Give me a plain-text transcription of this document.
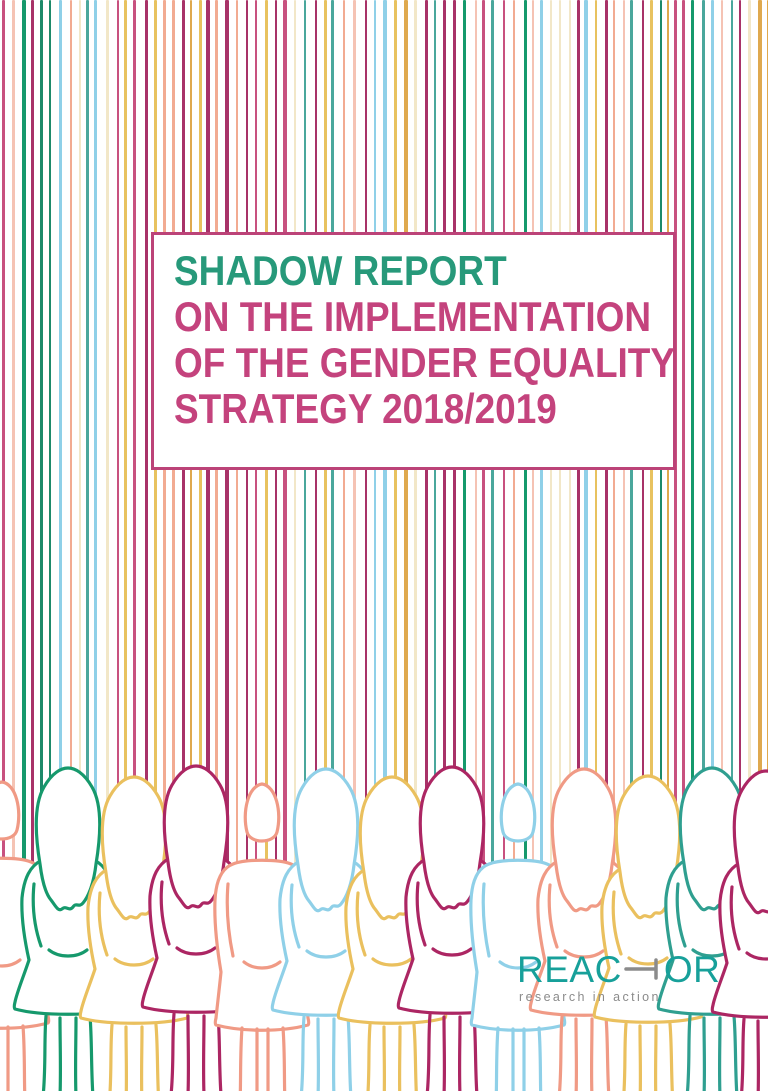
SHADOW REPORT
ON THE IMPLEMENTATION
OF THE GENDER EQUALITY
STRATEGY 2018/2019
REAC OR
research in action
